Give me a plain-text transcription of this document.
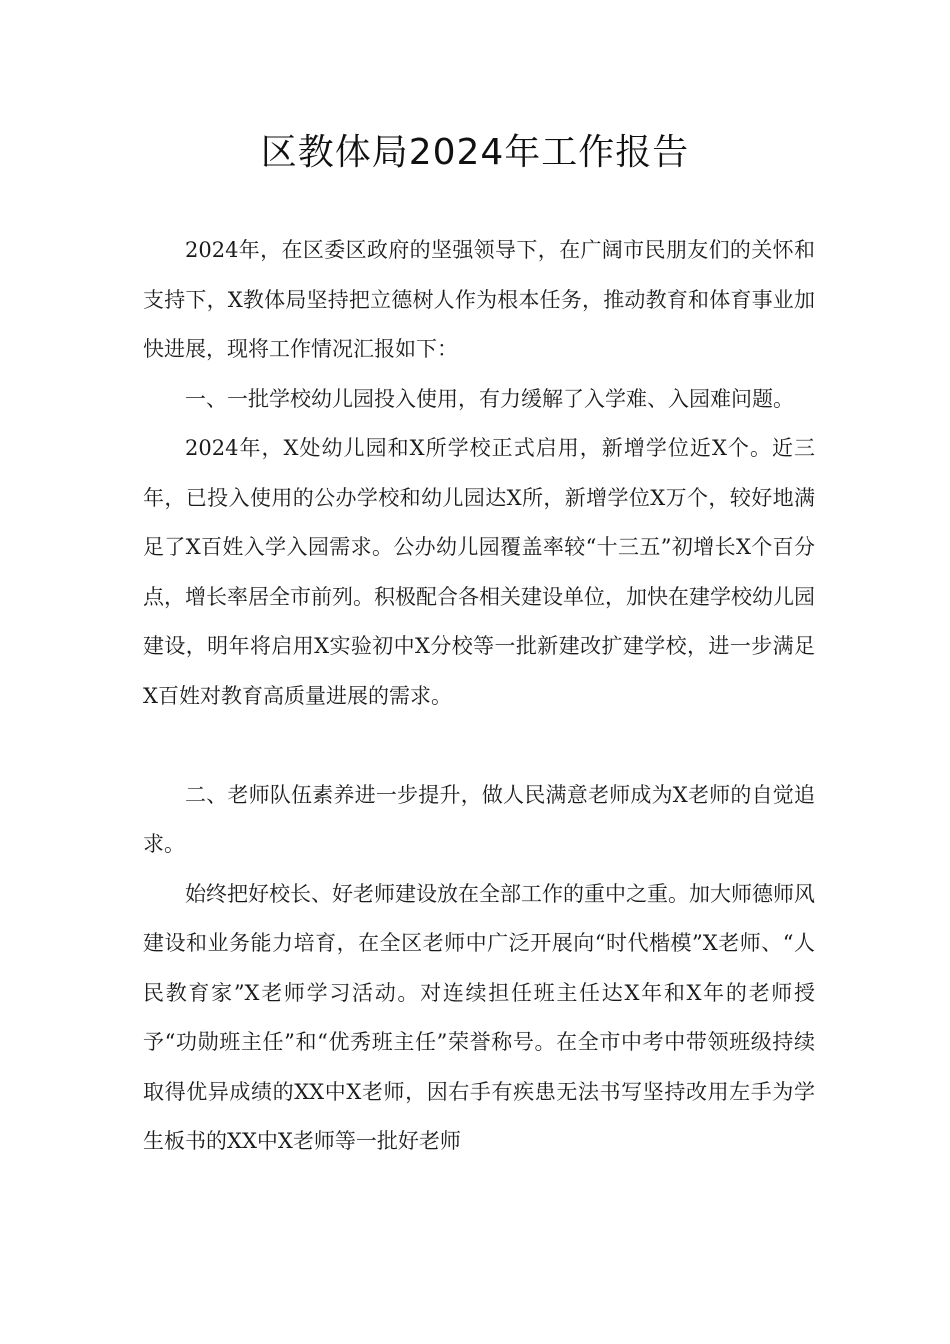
区教体局2024年工作报告

2024年，在区委区政府的坚强领导下，在广阔市民朋友们的关怀和支持下，X教体局坚持把立德树人作为根本任务，推动教育和体育事业加快进展，现将工作情况汇报如下：

一、一批学校幼儿园投入使用，有力缓解了入学难、入园难问题。

2024年，X处幼儿园和X所学校正式启用，新增学位近X个。近三年，已投入使用的公办学校和幼儿园达X所，新增学位X万个，较好地满足了X百姓入学入园需求。公办幼儿园覆盖率较“十三五”初增长X个百分点，增长率居全市前列。积极配合各相关建设单位，加快在建学校幼儿园建设，明年将启用X实验初中X分校等一批新建改扩建学校，进一步满足X百姓对教育高质量进展的需求。

二、老师队伍素养进一步提升，做人民满意老师成为X老师的自觉追求。

始终把好校长、好老师建设放在全部工作的重中之重。加大师德师风建设和业务能力培育，在全区老师中广泛开展向“时代楷模”X老师、“人民教育家”X老师学习活动。对连续担任班主任达X年和X年的老师授予“功勋班主任”和“优秀班主任”荣誉称号。在全市中考中带领班级持续取得优异成绩的XX中X老师，因右手有疾患无法书写坚持改用左手为学生板书的XX中X老师等一批好老师
